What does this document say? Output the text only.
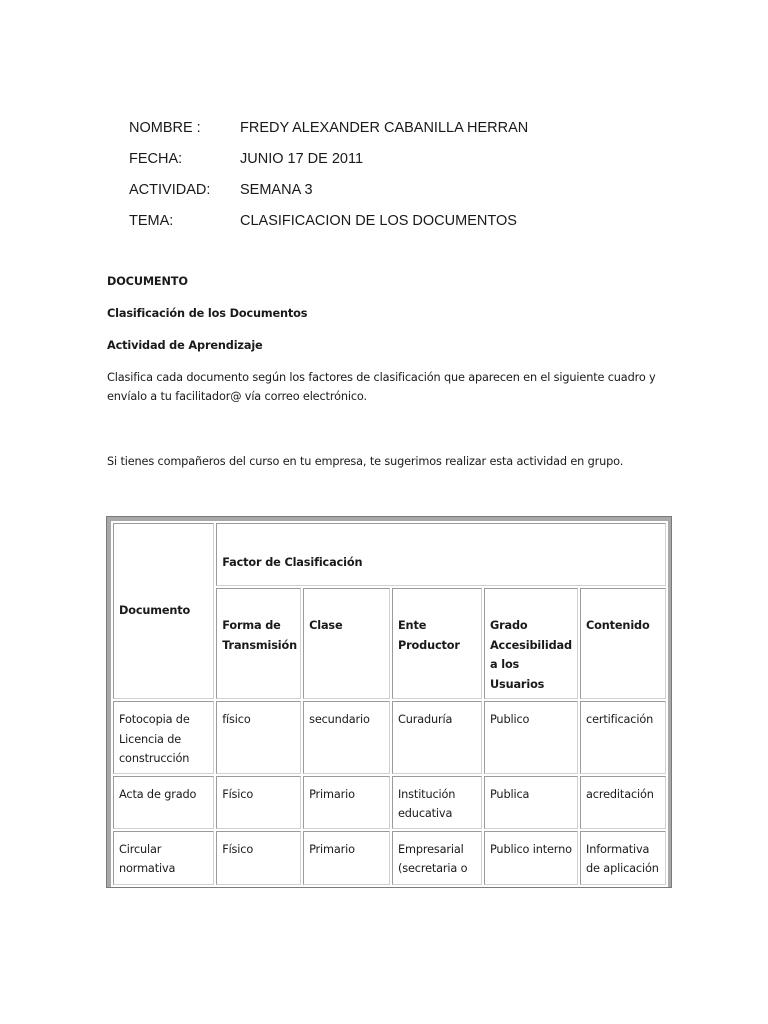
NOMBRE :	FREDY ALEXANDER CABANILLA HERRAN
FECHA:	JUNIO 17 DE 2011
ACTIVIDAD:	SEMANA 3
TEMA:	CLASIFICACION DE LOS DOCUMENTOS
DOCUMENTO
Clasificación de los Documentos
Actividad de Aprendizaje
Clasifica cada documento según los factores de clasificación que aparecen en el siguiente cuadro y
envíalo a tu facilitador@ vía correo electrónico.
Si tienes compañeros del curso en tu empresa, te sugerimos realizar esta actividad en grupo.
Documento	Factor de Clasificación				
	Forma de Transmisión	Clase	Ente Productor	Grado Accesibilidad a los Usuarios	Contenido
Fotocopia de Licencia de construcción	físico	secundario	Curaduría	Publico	certificación
Acta de grado	Físico	Primario	Institución educativa	Publica	acreditación
Circular normativa	Físico	Primario	Empresarial (secretaria o	Publico interno	Informativa de aplicación
